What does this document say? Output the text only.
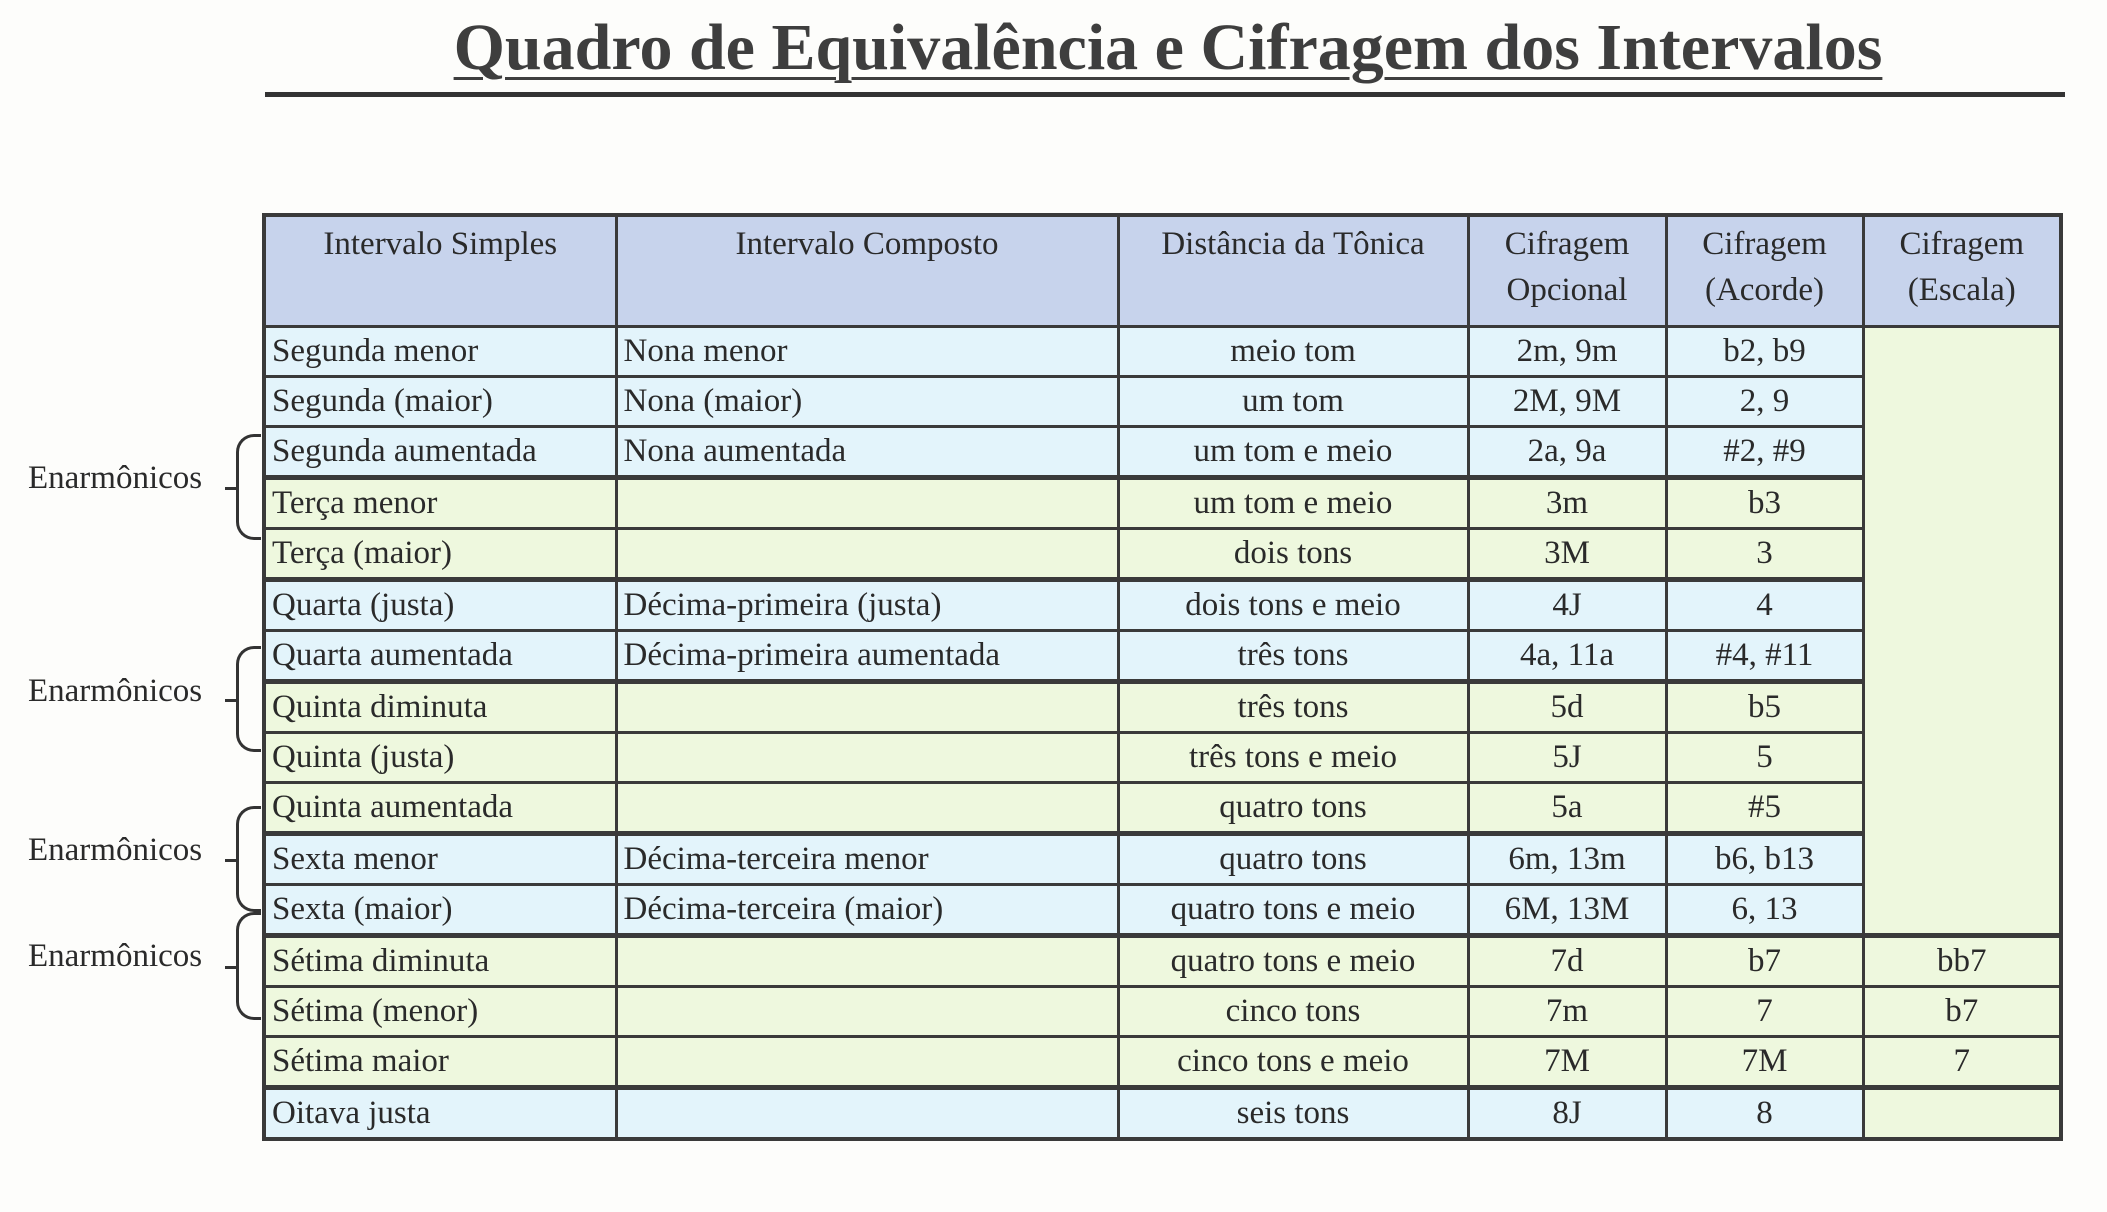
Quadro de Equivalência e Cifragem dos Intervalos
Enarmônicos
Enarmônicos
Enarmônicos
Enarmônicos
Intervalo Simples	Intervalo Composto	Distância da Tônica	Cifragem Opcional	Cifragem (Acorde)	Cifragem (Escala)
Segunda menor	Nona menor	meio tom	2m, 9m	b2, b9	
Segunda (maior)	Nona (maior)	um tom	2M, 9M	2, 9	
Segunda aumentada	Nona aumentada	um tom e meio	2a, 9a	#2, #9	
Terça menor		um tom e meio	3m	b3	
Terça (maior)		dois tons	3M	3	
Quarta (justa)	Décima-primeira (justa)	dois tons e meio	4J	4	
Quarta aumentada	Décima-primeira aumentada	três tons	4a, 11a	#4, #11	
Quinta diminuta		três tons	5d	b5	
Quinta (justa)		três tons e meio	5J	5	
Quinta aumentada		quatro tons	5a	#5	
Sexta menor	Décima-terceira menor	quatro tons	6m, 13m	b6, b13	
Sexta (maior)	Décima-terceira (maior)	quatro tons e meio	6M, 13M	6, 13	
Sétima diminuta		quatro tons e meio	7d	b7	bb7
Sétima (menor)		cinco tons	7m	7	b7
Sétima maior		cinco tons e meio	7M	7M	7
Oitava justa		seis tons	8J	8	
